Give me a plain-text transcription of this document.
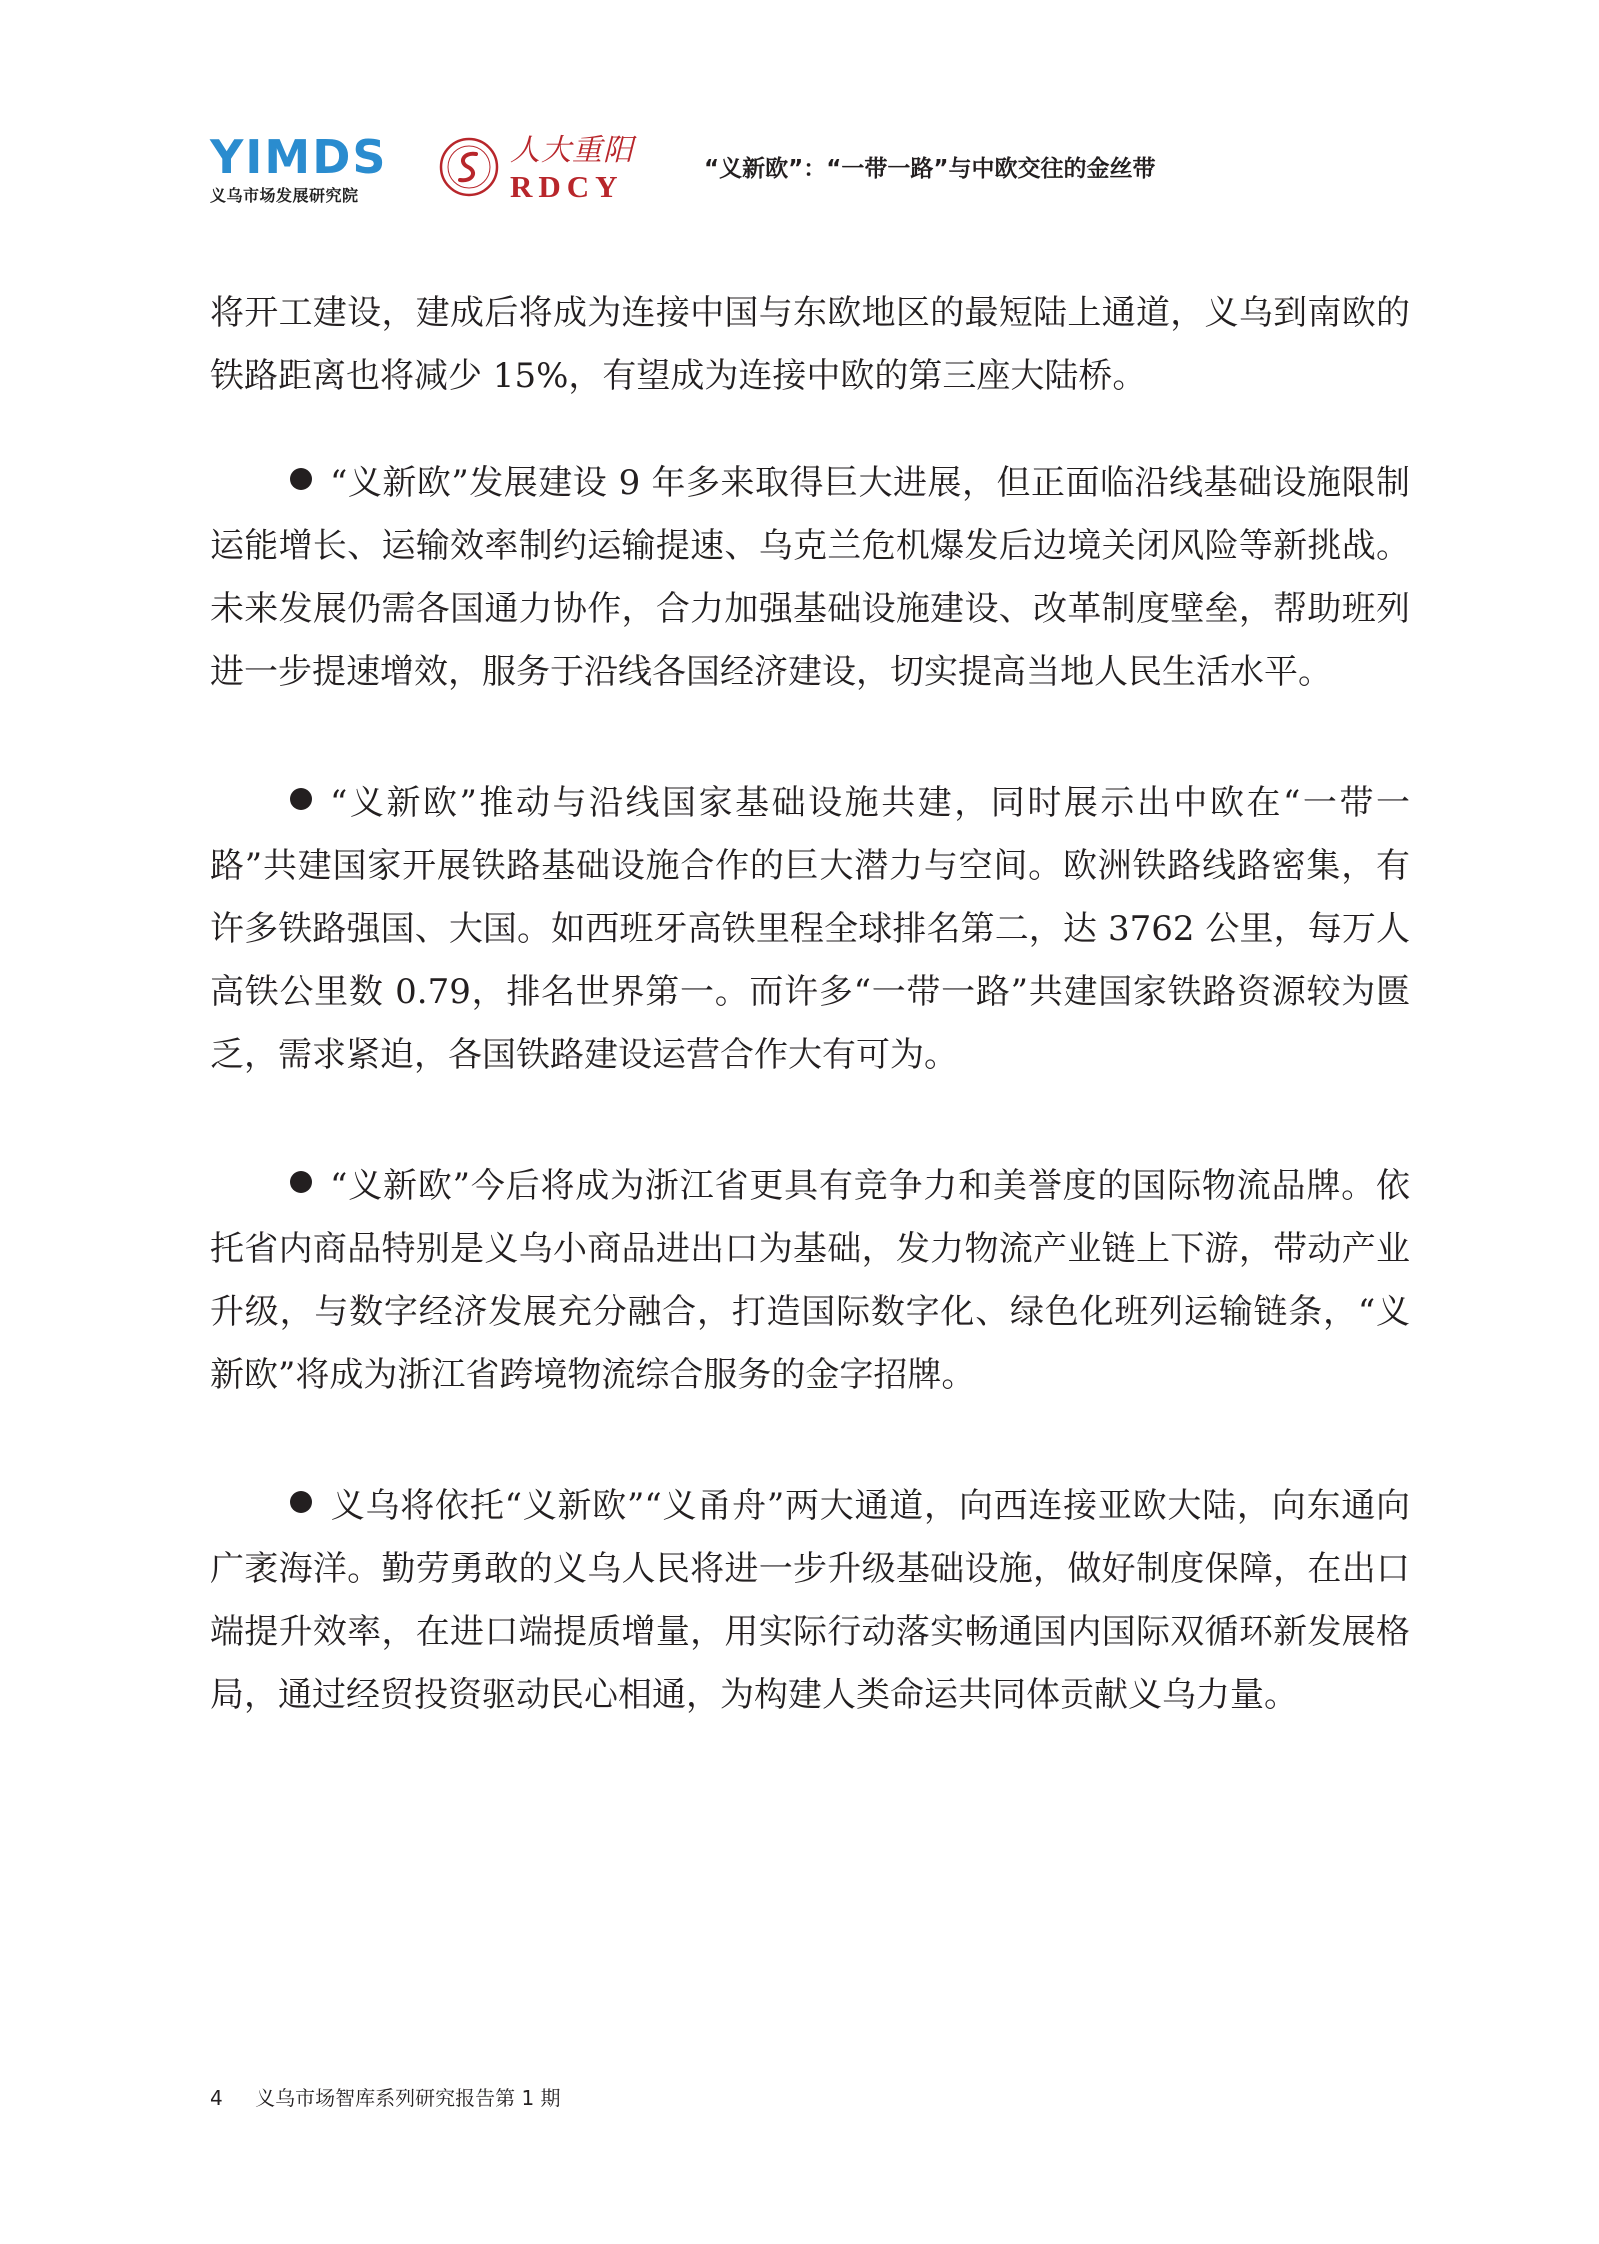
YIMDS
义乌市场发展研究院
人大重阳
RDCY	“义新欧”：“一带一路”与中欧交往的金丝带

将开工建设，建成后将成为连接中国与东欧地区的最短陆上通道，义乌到南欧的铁路距离也将减少 15%，有望成为连接中欧的第三座大陆桥。

“义新欧”发展建设 9 年多来取得巨大进展，但正面临沿线基础设施限制运能增长、运输效率制约运输提速、乌克兰危机爆发后边境关闭风险等新挑战。未来发展仍需各国通力协作，合力加强基础设施建设、改革制度壁垒，帮助班列进一步提速增效，服务于沿线各国经济建设，切实提高当地人民生活水平。

“义新欧”推动与沿线国家基础设施共建，同时展示出中欧在“一带一路”共建国家开展铁路基础设施合作的巨大潜力与空间。欧洲铁路线路密集，有许多铁路强国、大国。如西班牙高铁里程全球排名第二，达 3762 公里，每万人高铁公里数 0.79，排名世界第一。而许多“一带一路”共建国家铁路资源较为匮乏，需求紧迫，各国铁路建设运营合作大有可为。

“义新欧”今后将成为浙江省更具有竞争力和美誉度的国际物流品牌。依托省内商品特别是义乌小商品进出口为基础，发力物流产业链上下游，带动产业升级，与数字经济发展充分融合，打造国际数字化、绿色化班列运输链条，“义新欧”将成为浙江省跨境物流综合服务的金字招牌。

义乌将依托“义新欧”“义甬舟”两大通道，向西连接亚欧大陆，向东通向广袤海洋。勤劳勇敢的义乌人民将进一步升级基础设施，做好制度保障，在出口端提升效率，在进口端提质增量，用实际行动落实畅通国内国际双循环新发展格局，通过经贸投资驱动民心相通，为构建人类命运共同体贡献义乌力量。

4 义乌市场智库系列研究报告第 1 期
